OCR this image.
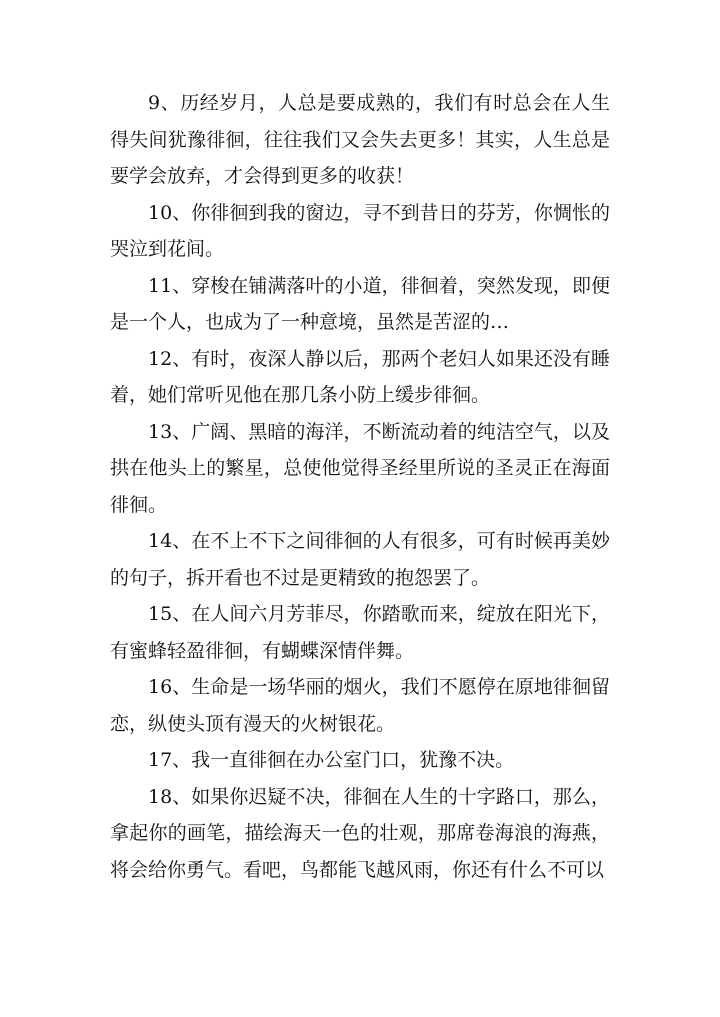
9、历经岁月，人总是要成熟的，我们有时总会在人生得失间犹豫徘徊，往往我们又会失去更多！其实，人生总是要学会放弃，才会得到更多的收获！

10、你徘徊到我的窗边，寻不到昔日的芬芳，你惆怅的哭泣到花间。

11、穿梭在铺满落叶的小道，徘徊着，突然发现，即便是一个人，也成为了一种意境，虽然是苦涩的…

12、有时，夜深人静以后，那两个老妇人如果还没有睡着，她们常听见他在那几条小防上缓步徘徊。

13、广阔、黑暗的海洋，不断流动着的纯洁空气，以及拱在他头上的繁星，总使他觉得圣经里所说的圣灵正在海面徘徊。

14、在不上不下之间徘徊的人有很多，可有时候再美妙的句子，拆开看也不过是更精致的抱怨罢了。

15、在人间六月芳菲尽，你踏歌而来，绽放在阳光下，有蜜蜂轻盈徘徊，有蝴蝶深情伴舞。

16、生命是一场华丽的烟火，我们不愿停在原地徘徊留恋，纵使头顶有漫天的火树银花。

17、我一直徘徊在办公室门口，犹豫不决。

18、如果你迟疑不决，徘徊在人生的十字路口，那么，拿起你的画笔，描绘海天一色的壮观，那席卷海浪的海燕，将会给你勇气。看吧，鸟都能飞越风雨，你还有什么不可以
